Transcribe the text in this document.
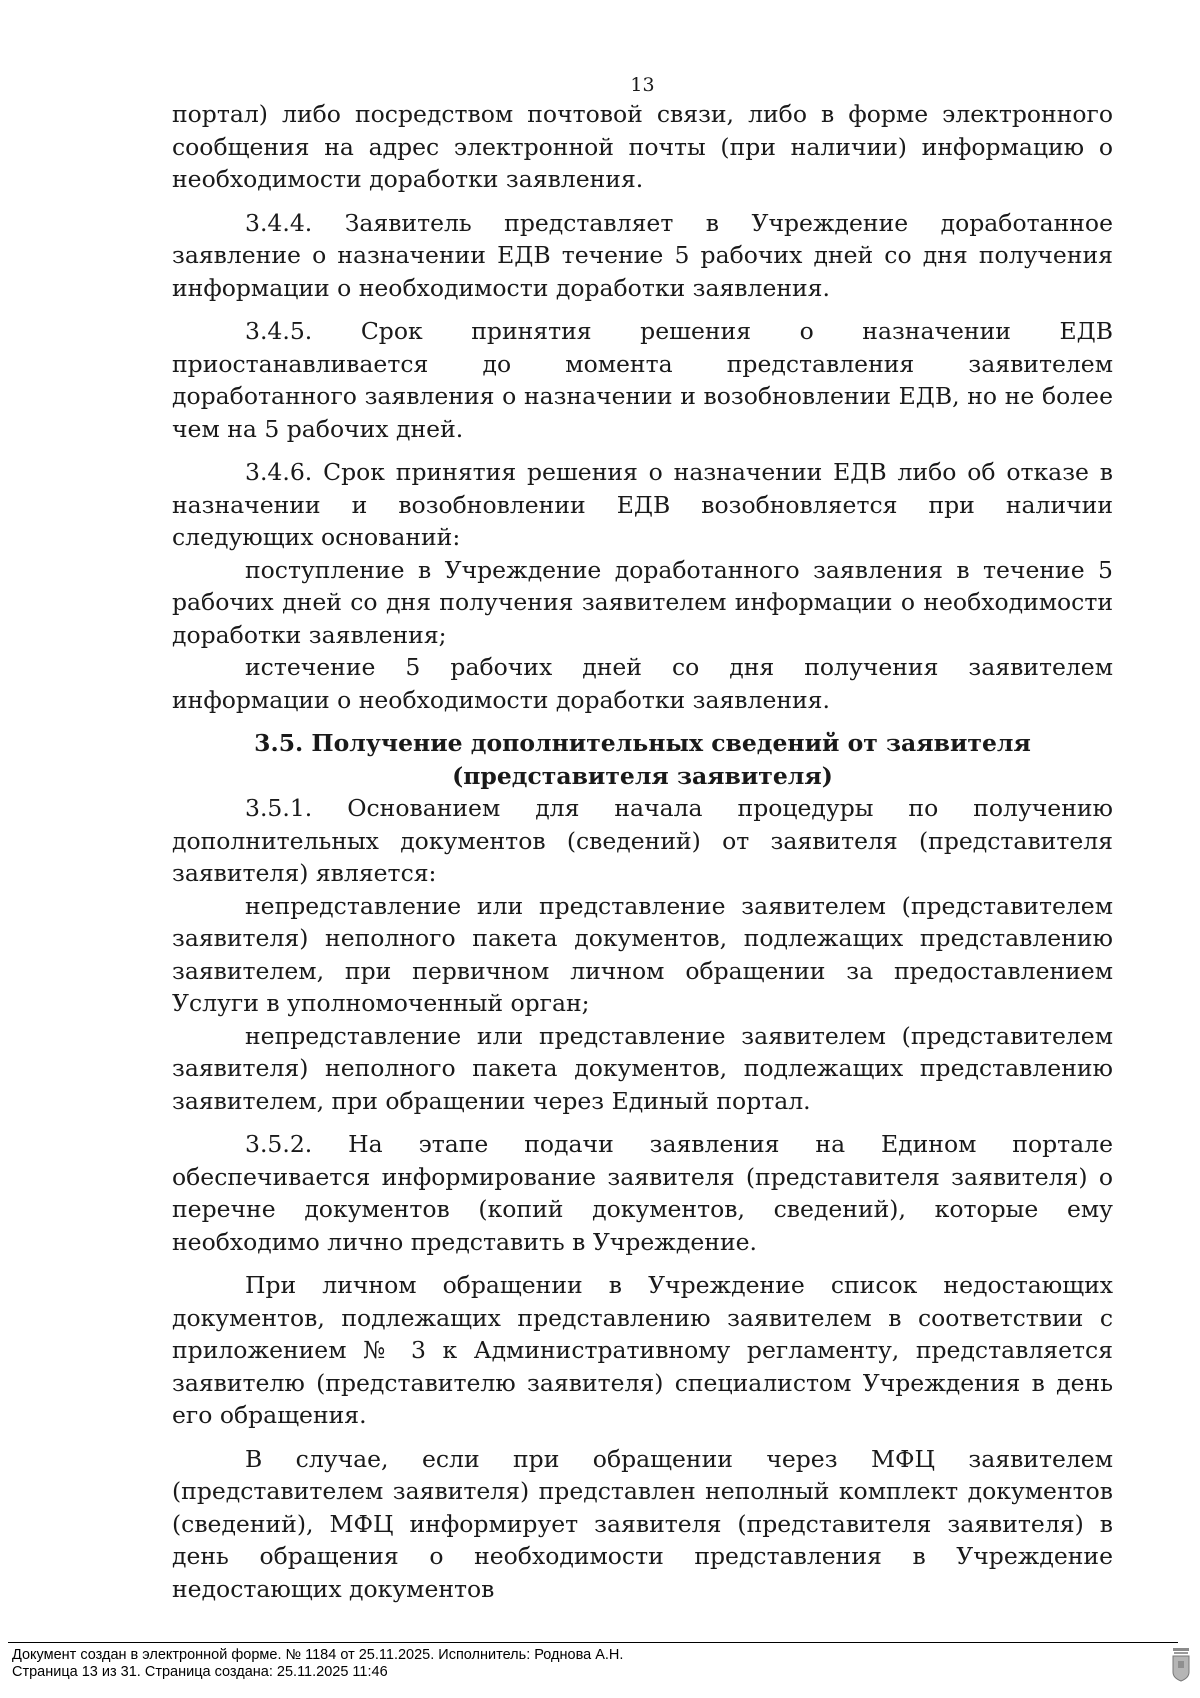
13

портал) либо посредством почтовой связи, либо в форме электронного сообщения на адрес электронной почты (при наличии) информацию о необходимости доработки заявления.

3.4.4. Заявитель представляет в Учреждение доработанное заявление о назначении ЕДВ течение 5 рабочих дней со дня получения информации о необходимости доработки заявления.

3.4.5. Срок принятия решения о назначении ЕДВ приостанавливается до момента представления заявителем доработанного заявления о назначении и возобновлении ЕДВ, но не более чем на 5 рабочих дней.

3.4.6. Срок принятия решения о назначении ЕДВ либо об отказе в назначении и возобновлении ЕДВ возобновляется при наличии следующих оснований:

поступление в Учреждение доработанного заявления в течение 5 рабочих дней со дня получения заявителем информации о необходимости доработки заявления;

истечение 5 рабочих дней со дня получения заявителем информации о необходимости доработки заявления.

3.5. Получение дополнительных сведений от заявителя (представителя заявителя)

3.5.1. Основанием для начала процедуры по получению дополнительных документов (сведений) от заявителя (представителя заявителя) является:

непредставление или представление заявителем (представителем заявителя) неполного пакета документов, подлежащих представлению заявителем, при первичном личном обращении за предоставлением Услуги в уполномоченный орган;

непредставление или представление заявителем (представителем заявителя) неполного пакета документов, подлежащих представлению заявителем, при обращении через Единый портал.

3.5.2. На этапе подачи заявления на Едином портале обеспечивается информирование заявителя (представителя заявителя) о перечне документов (копий документов, сведений), которые ему необходимо лично представить в Учреждение.

При личном обращении в Учреждение список недостающих документов, подлежащих представлению заявителем в соответствии с приложением № 3 к Административному регламенту, представляется заявителю (представителю заявителя) специалистом Учреждения в день его обращения.

В случае, если при обращении через МФЦ заявителем (представителем заявителя) представлен неполный комплект документов (сведений), МФЦ информирует заявителя (представителя заявителя) в день обращения о необходимости представления в Учреждение недостающих документов

Документ создан в электронной форме. № 1184 от 25.11.2025. Исполнитель: Роднова А.Н.
Страница 13 из 31. Страница создана: 25.11.2025 11:46
